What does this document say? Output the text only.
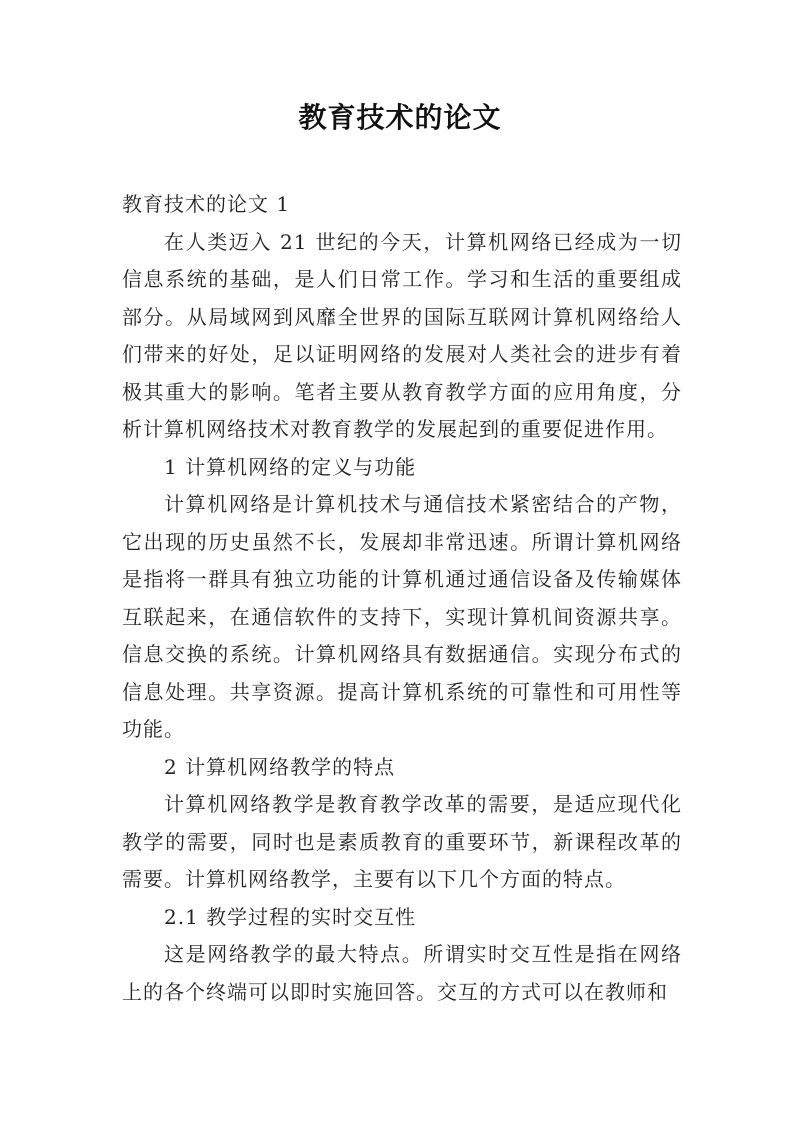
教育技术的论文

教育技术的论文 1

在人类迈入 21 世纪的今天，计算机网络已经成为一切信息系统的基础，是人们日常工作。学习和生活的重要组成部分。从局域网到风靡全世界的国际互联网计算机网络给人们带来的好处，足以证明网络的发展对人类社会的进步有着极其重大的影响。笔者主要从教育教学方面的应用角度，分析计算机网络技术对教育教学的发展起到的重要促进作用。

1 计算机网络的定义与功能

计算机网络是计算机技术与通信技术紧密结合的产物，它出现的历史虽然不长，发展却非常迅速。所谓计算机网络是指将一群具有独立功能的计算机通过通信设备及传输媒体互联起来，在通信软件的支持下，实现计算机间资源共享。信息交换的系统。计算机网络具有数据通信。实现分布式的信息处理。共享资源。提高计算机系统的可靠性和可用性等功能。

2 计算机网络教学的特点

计算机网络教学是教育教学改革的需要，是适应现代化教学的需要，同时也是素质教育的重要环节，新课程改革的需要。计算机网络教学，主要有以下几个方面的特点。

2.1 教学过程的实时交互性

这是网络教学的最大特点。所谓实时交互性是指在网络上的各个终端可以即时实施回答。交互的方式可以在教师和
